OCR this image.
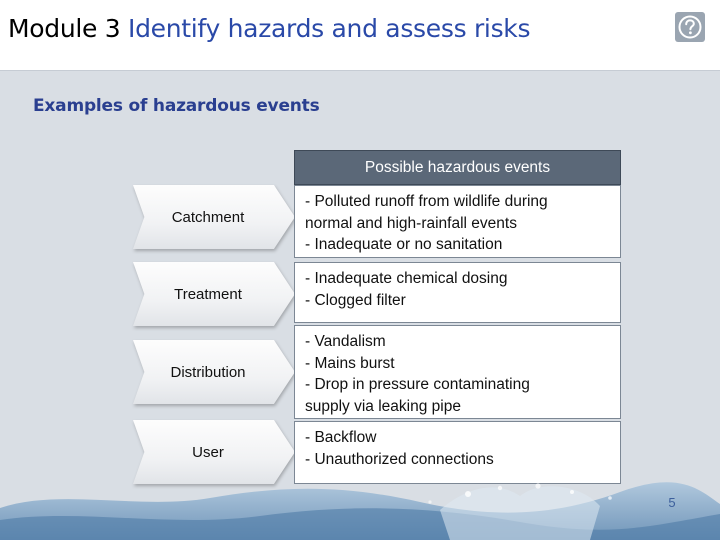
Module 3 Identify hazards and assess risks
Examples of hazardous events
Possible hazardous events
Catchment
- Polluted runoff from wildlife during
normal and high-rainfall events
- Inadequate or no sanitation
Treatment
- Inadequate chemical dosing
- Clogged filter
Distribution
- Vandalism
- Mains burst
- Drop in pressure contaminating
supply via leaking pipe
User
- Backflow
- Unauthorized connections
5
